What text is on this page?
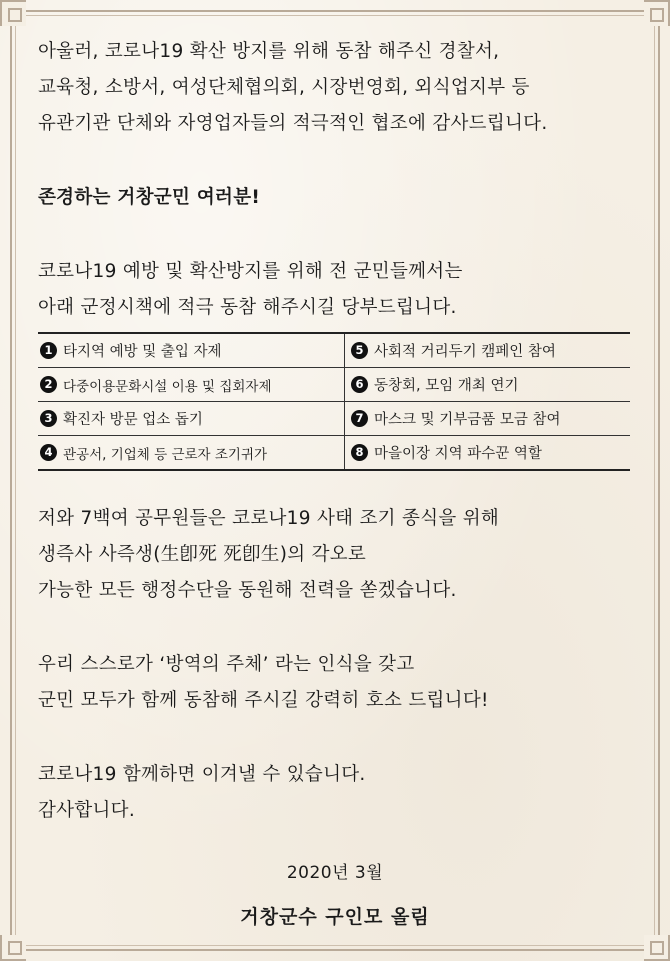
아울러, 코로나19 확산 방지를 위해 동참 해주신 경찰서,
교육청, 소방서, 여성단체협의회, 시장번영회, 외식업지부 등
유관기관 단체와 자영업자들의 적극적인 협조에 감사드립니다.
존경하는 거창군민 여러분!
코로나19 예방 및 확산방지를 위해 전 군민들께서는
아래 군정시책에 적극 동참 해주시길 당부드립니다.
1 타지역 예방 및 출입 자제	5 사회적 거리두기 캠페인 참여
2 다중이용문화시설 이용 및 집회자제	6 동창회, 모임 개최 연기
3 확진자 방문 업소 돕기	7 마스크 및 기부금품 모금 참여
4 관공서, 기업체 등 근로자 조기귀가	8 마을이장 지역 파수꾼 역할
저와 7백여 공무원들은 코로나19 사태 조기 종식을 위해
생즉사 사즉생(生卽死 死卽生)의 각오로
가능한 모든 행정수단을 동원해 전력을 쏟겠습니다.
우리 스스로가 ‘방역의 주체’ 라는 인식을 갖고
군민 모두가 함께 동참해 주시길 강력히 호소 드립니다!
코로나19 함께하면 이겨낼 수 있습니다.
감사합니다.
2020년 3월
거창군수 구인모 올림
